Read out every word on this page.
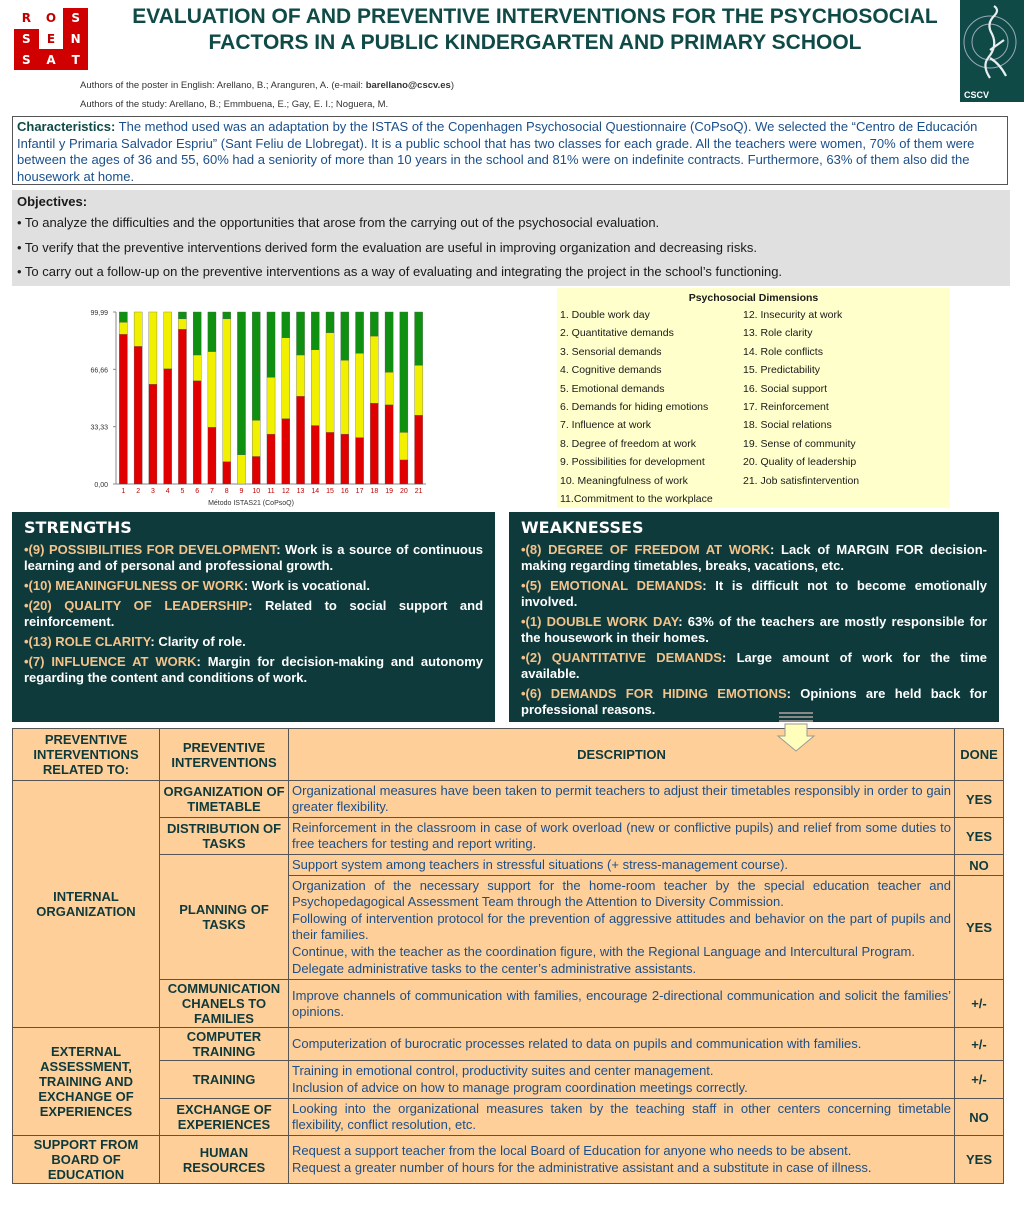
R	O	S
S	E	N
S	A	T
EVALUATION OF AND PREVENTIVE INTERVENTIONS FOR THE PSYCHOSOCIAL FACTORS IN A PUBLIC KINDERGARTEN AND PRIMARY SCHOOL
Authors of the poster in English: Arellano, B.; Aranguren, A. (e-mail: barellano@cscv.es)
Authors of the study: Arellano, B.; Emmbuena, E.; Gay, E. I.; Noguera, M.
CSCV
Characteristics: The method used was an adaptation by the ISTAS of the Copenhagen Psychosocial Questionnaire (CoPsoQ). We selected the “Centro de Educación Infantil y Primaria Salvador Espriu” (Sant Feliu de Llobregat). It is a public school that has two classes for each grade. All the teachers were women, 70% of them were between the ages of 36 and 55, 60% had a seniority of more than 10 years in the school and 81% were on indefinite contracts. Furthermore, 63% of them also did the housework at home.
Objectives:
• To analyze the difficulties and the opportunities that arose from the carrying out of the psychosocial evaluation.
• To verify that the preventive interventions derived form the evaluation are useful in improving organization and decreasing risks.
• To carry out a follow-up on the preventive interventions as a way of evaluating and integrating the project in the school’s functioning.
99,99
66,66
33,33
0,00
1 2 3 4 5 6 7 8 9 10 11 12 13 14 15 16 17 18 19 20 21
Método ISTAS21 (CoPsoQ)
Psychosocial Dimensions
1. Double work day
2. Quantitative demands
3. Sensorial demands
4. Cognitive demands
5. Emotional demands
6. Demands for hiding emotions
7. Influence at work
8. Degree of freedom at work
9. Possibilities for development
10. Meaningfulness of work
11.Commitment to the workplace
12. Insecurity at work
13. Role clarity
14. Role conflicts
15. Predictability
16. Social support
17. Reinforcement
18. Social relations
19. Sense of community
20. Quality of leadership
21. Job satisfintervention
STRENGTHS
•(9) POSSIBILITIES FOR DEVELOPMENT: Work is a source of continuous learning and of personal and professional growth.
•(10) MEANINGFULNESS OF WORK: Work is vocational.
•(20) QUALITY OF LEADERSHIP: Related to social support and reinforcement.
•(13) ROLE CLARITY: Clarity of role.
•(7) INFLUENCE AT WORK: Margin for decision-making and autonomy regarding the content and conditions of work.
WEAKNESSES
•(8) DEGREE OF FREEDOM AT WORK: Lack of MARGIN FOR decision-making regarding timetables, breaks, vacations, etc.
•(5) EMOTIONAL DEMANDS: It is difficult not to become emotionally involved.
•(1) DOUBLE WORK DAY: 63% of the teachers are mostly responsible for the housework in their homes.
•(2) QUANTITATIVE DEMANDS: Large amount of work for the time available.
•(6) DEMANDS FOR HIDING EMOTIONS: Opinions are held back for professional reasons.
PREVENTIVE INTERVENTIONS RELATED TO:	PREVENTIVE INTERVENTIONS	DESCRIPTION	DONE
INTERNAL ORGANIZATION	ORGANIZATION OF TIMETABLE	Organizational measures have been taken to permit teachers to adjust their timetables responsibly in order to gain greater flexibility.	YES
	DISTRIBUTION OF TASKS	Reinforcement in the classroom in case of work overload (new or conflictive pupils) and relief from some duties to free teachers for testing and report writing.	YES
	PLANNING OF TASKS	Support system among teachers in stressful situations (+ stress-management course).	NO

		Organization of the necessary support for the home-room teacher by the special education teacher and Psychopedagogical Assessment Team through the Attention to Diversity Commission.
Following of intervention protocol for the prevention of aggressive attitudes and behavior on the part of pupils and their families.
Continue, with the teacher as the coordination figure, with the Regional Language and Intercultural Program.
Delegate administrative tasks to the center’s administrative assistants.	YES
	COMMUNICATION CHANELS TO FAMILIES	Improve channels of communication with families, encourage 2-directional communication and solicit the families’ opinions.	+/-
EXTERNAL ASSESSMENT, TRAINING AND EXCHANGE OF EXPERIENCES	COMPUTER TRAINING	Computerization of burocratic processes related to data on pupils and communication with families.	+/-
	TRAINING	Training in emotional control, productivity suites and center management.
Inclusion of advice on how to manage program coordination meetings correctly.	+/-
	EXCHANGE OF EXPERIENCES	Looking into the organizational measures taken by the teaching staff in other centers concerning timetable flexibility, conflict resolution, etc.	NO
SUPPORT FROM BOARD OF EDUCATION	HUMAN RESOURCES	Request a support teacher from the local Board of Education for anyone who needs to be absent.
Request a greater number of hours for the administrative assistant and a substitute in case of illness.	YES
